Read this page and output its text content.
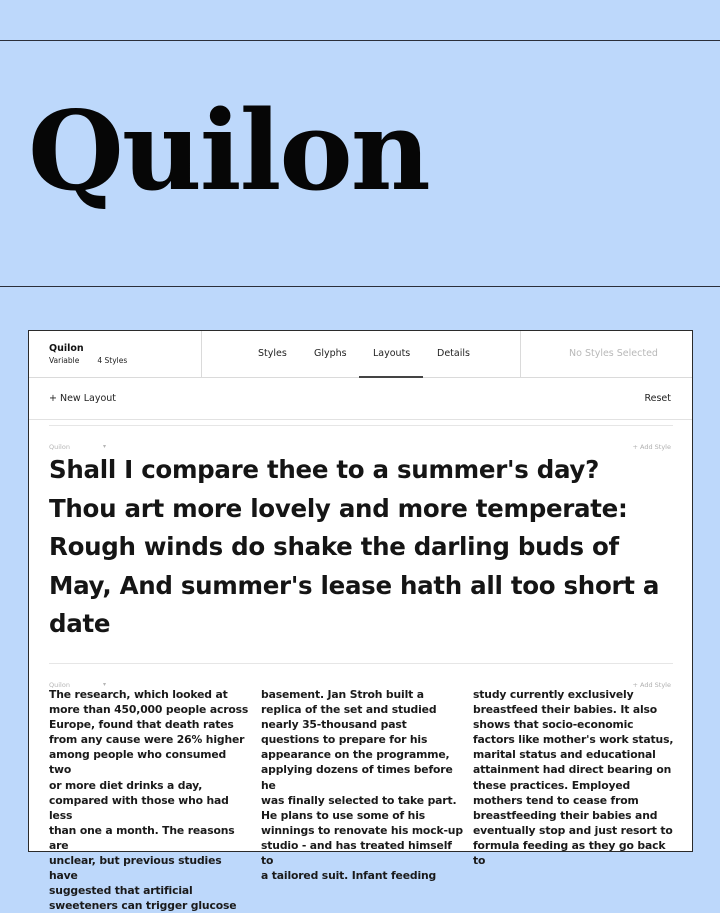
Quilon
Quilon
Variable 4 Styles
Styles	Glyphs	Layouts	Details	No Styles Selected
+ New Layout	Reset
Quilon	▾	+ Add Style
Shall I compare thee to a summer's day? Thou art more lovely and more temperate: Rough winds do shake the darling buds of May, And summer's lease hath all too short a date
Quilon	▾	+ Add Style
The research, which looked at
more than 450,000 people across
Europe, found that death rates
from any cause were 26% higher
among people who consumed two
or more diet drinks a day,
compared with those who had less
than one a month. The reasons are
unclear, but previous studies have
suggested that artificial
sweeteners can trigger glucose
basement. Jan Stroh built a
replica of the set and studied
nearly 35-thousand past
questions to prepare for his
appearance on the programme,
applying dozens of times before he
was finally selected to take part.
He plans to use some of his
winnings to renovate his mock-up
studio - and has treated himself to
a tailored suit. Infant feeding
study currently exclusively
breastfeed their babies. It also
shows that socio-economic
factors like mother's work status,
marital status and educational
attainment had direct bearing on
these practices. Employed
mothers tend to cease from
breastfeeding their babies and
eventually stop and just resort to
formula feeding as they go back to
